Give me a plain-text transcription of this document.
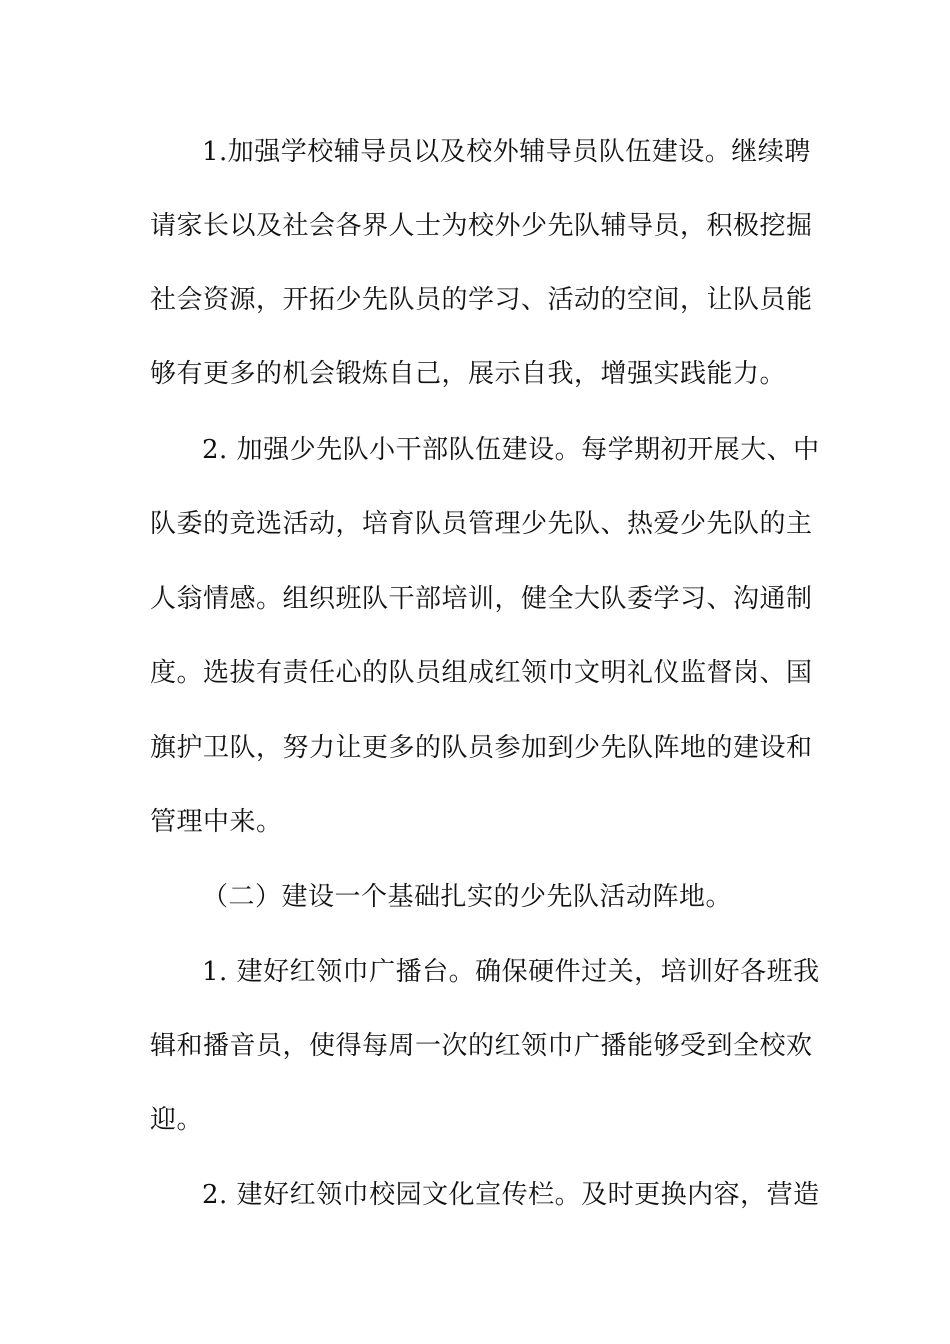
1.加强学校辅导员以及校外辅导员队伍建设。继续聘
请家长以及社会各界人士为校外少先队辅导员，积极挖掘
社会资源，开拓少先队员的学习、活动的空间，让队员能
够有更多的机会锻炼自己，展示自我，增强实践能力。
2. 加强少先队小干部队伍建设。每学期初开展大、中
队委的竞选活动，培育队员管理少先队、热爱少先队的主
人翁情感。组织班队干部培训，健全大队委学习、沟通制
度。选拔有责任心的队员组成红领巾文明礼仪监督岗、国
旗护卫队，努力让更多的队员参加到少先队阵地的建设和
管理中来。
（二）建设一个基础扎实的少先队活动阵地。
1. 建好红领巾广播台。确保硬件过关，培训好各班我
辑和播音员，使得每周一次的红领巾广播能够受到全校欢
迎。
2. 建好红领巾校园文化宣传栏。及时更换内容，营造
